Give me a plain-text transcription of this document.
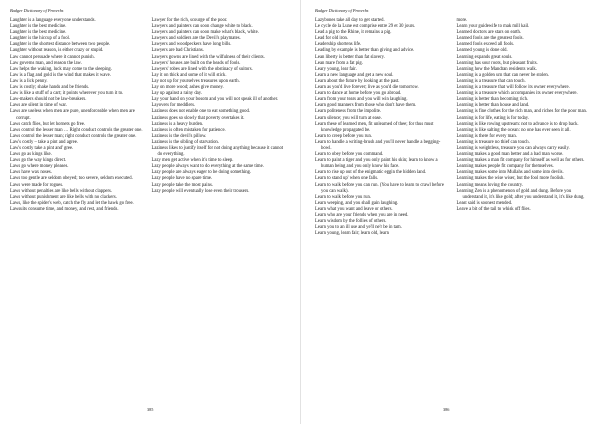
Badger Dictionary of Proverbs
Laughter is a language everyone understands.
Laughter is the best medicine.
Laughter is the best medicine.
Laughter is the hiccup of a fool.
Laughter is the shortest distance between two people.
Laughter without reason, is either crazy or stupid.
Law cannot persuade where it cannot punish.
Law governs man, and reason the law.
Law helps the waking, luck may come to the sleeping.
Law is a flag and gold is the wind that makes it wave.
Law is a lick penny.
Law is costly; shake hands and be friends.
Law is like a stuff of a cart; it points wherever you turn it to.
Law-makers should not be law-breakers.
Laws are silent in time of war.
Laws are useless when men are pure, unenforceable when men are corrupt.
Laws catch flies, but let hornets go free.
Laws control the lesser man … Right conduct controls the greater one.
Laws control the lesser man; right conduct controls the greater one.
Law's costly – take a pint and agree.
Law's costly take a pint and' gree.
Laws go as kings like.
Laws go the way kings direct.
Laws go where money pleases.
Laws have wax noses.
Laws too gentle are seldom obeyed; too severe, seldom executed.
Laws were made for rogues.
Laws without penalties are like bells without clappers.
Laws without punishment are like bells with no clackers.
Laws, like the spider's web, catch the fly and let the hawk go free.
Lawsuits consume time, and money, and rest, and friends.
Lawyer for the rich, scourge of the poor.
Lawyers and painters can soon change white to black.
Lawyers and painters can soon make what's black, white.
Lawyers and soldiers are the Devil's playmates.
Lawyers and woodpeckers have long bills.
Lawyers are bad Christians.
Lawyers gowns are lined with the wilfulness of their clients.
Lawyers' houses are built on the heads of fools.
Lawyers' robes are lined with the obstinacy of suitors.
Lay it on thick and some of it will stick.
Lay not up for yourselves treasures upon earth.
Lay on more wood; ashes give money.
Lay up against a rainy day.
Lay your hand on your bosom and you will not speak ill of another.
Layovers for meddlers.
Laziness does not enable one to eat something good.
Laziness goes so slowly that poverty overtakes it.
Laziness is a heavy burden.
Laziness is often mistaken for patience.
Laziness is the devil's pillow.
Laziness is the sibling of starvation.
Laziness likes to justify itself for not doing anything because it cannot do everything.
Lazy men get active when it's time to sleep.
Lazy people always want to do everything at the same time.
Lazy people are always eager to be doing something.
Lazy people have no spare time.
Lazy people take the most pains.
Lazy people will eventually lose even their trousers.
385
Badger Dictionary of Proverbs
Lazybones take all day to get started.
Le cycle de la Lune est comprise entre 29 et 30 jours.
Lead a pig to the Rhine, it remains a pig.
Lead for old iron.
Leadership shortens life.
Leading by example is better than giving and advice.
Lean liberty is better than fat slavery.
Lean mare from a fat pig.
Leary young, lear fair.
Learn a new language and get a new soul.
Learn about the future by looking at the past.
Learn as you'd live forever; live as you'd die tomorrow.
Learn to dance at home before you go abroad.
Learn from your tears and you will win laughing.
Learn good manners from those who don't have them.
Learn politeness from the impolite.
Learn silence; you will turn at ease.
Learn these of learned men, fit unlearned of thee; for thus must knowledge propagated be.
Learn to creep before you run.
Learn to handle a writing-brush and you'll never handle a begging-bowl.
Learn to obey before you command.
Learn to paint a tiger and you only paint his skin; learn to know a human being and you only know his face.
Learn to rise up out of the enigmatic eggin the hidden land.
Learn to stand up' when one falls.
Learn to walk before you can run. (You have to learn to crawl before you can walk).
Learn to walk before you run.
Learn weeping, and you shall gain laughing.
Learn what you want and leave or others.
Learn who are your friends when you are in need.
Learn wisdom by the follies of others.
Learn you to an ill use and ye'll ne'r be in tam.
Learn young, learn fair; learn old, learn
more.
Learn your guidewife to mak mill kail.
Learned doctors are stars on earth.
Learned fools are the greatest fools.
Learned fools exceed all fools.
Learned young is done old.
Learning expands great souls.
Learning has sour roots, but pleasant fruits.
Learning how the Mandran residents walk.
Learning is a golden urn that can never be stolen.
Learning is a treasure that can touch.
Learning is a treasure that will follow its owner everywhere.
Learning is a treasure which accompanies its owner everywhere.
Learning is better than becoming rich.
Learning is better than house and land.
Learning is fine clothes for the rich man, and riches for the poor man.
Learning is for life, eating is for today.
Learning is like rowing upstream: not to advance is to drop back.
Learning is like salting the ocean: no one has ever seen it all.
Learning is there for every man.
Learning is treasure no thief can touch.
Learning is weightless, treasure you can always carry easily.
Learning makes a good man better and a bad man worse.
Learning makes a man fit company for himself as well as for others.
Learning makes people fit company for themselves.
Learning makes some into Mullahs and some into devils.
Learning makes the wise wiser, but the fool more foolish.
Learning means loving the country.
Learning Zen is a phenomenon of gold and dung. Before you understand it, it's like gold; after you understand it, it's like dung.
Least said is soonest mended.
Leave a bit of the tail to whisk off flies.
386
